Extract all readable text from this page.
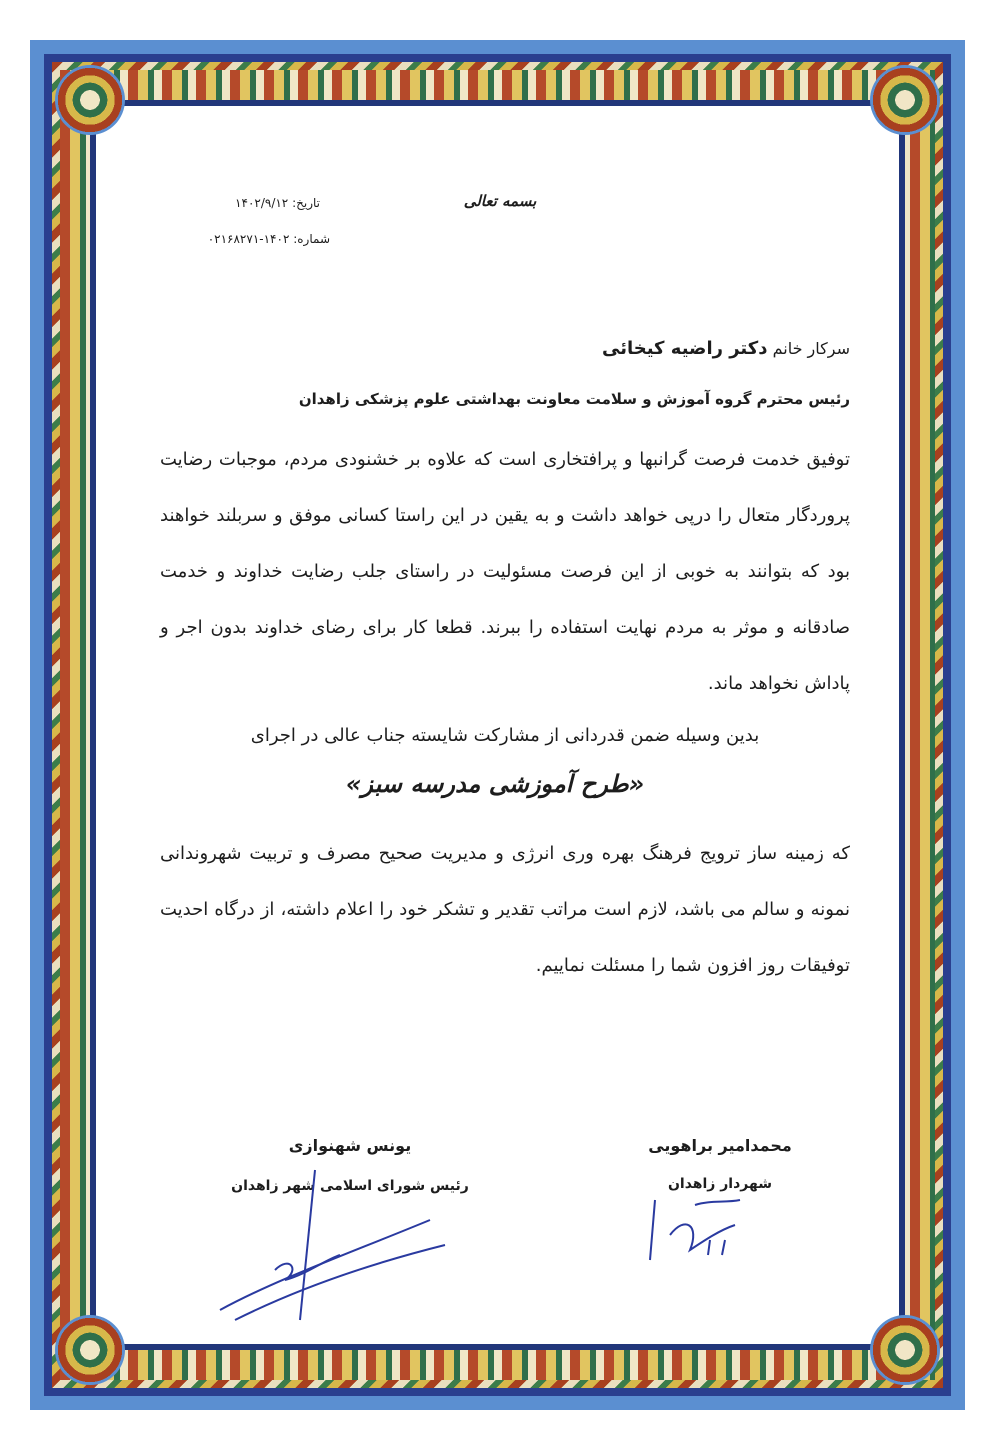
بسمه تعالی
تاریخ: ۱۴۰۲/۹/۱۲
شماره: ۱۴۰۲-۰۲۱۶۸۲۷۱
سرکار خانم دکتر راضیه کیخائی
رئیس محترم گروه آموزش و سلامت معاونت بهداشتی علوم پزشکی زاهدان
توفیق خدمت فرصت گرانبها و پرافتخاری است که علاوه بر خشنودی مردم، موجبات رضایت پروردگار متعال را درپی خواهد داشت و به یقین در این راستا کسانی موفق و سربلند خواهند بود که بتوانند به خوبی از این فرصت مسئولیت در راستای جلب رضایت خداوند و خدمت صادقانه و موثر به مردم نهایت استفاده را ببرند. قطعا کار برای رضای خداوند بدون اجر و پاداش نخواهد ماند.
بدین وسیله ضمن قدردانی از مشارکت شایسته جناب عالی در اجرای
«طرح آموزشی مدرسه سبز»
که زمینه ساز ترویج فرهنگ بهره وری انرژی و مدیریت صحیح مصرف و تربیت شهروندانی نمونه و سالم می باشد، لازم است مراتب تقدیر و تشکر خود را اعلام داشته، از درگاه احدیت توفیقات روز افزون شما را مسئلت نماییم.
یونس شهنوازی
رئیس شورای اسلامی شهر زاهدان
محمدامیر براهویی
شهردار زاهدان
